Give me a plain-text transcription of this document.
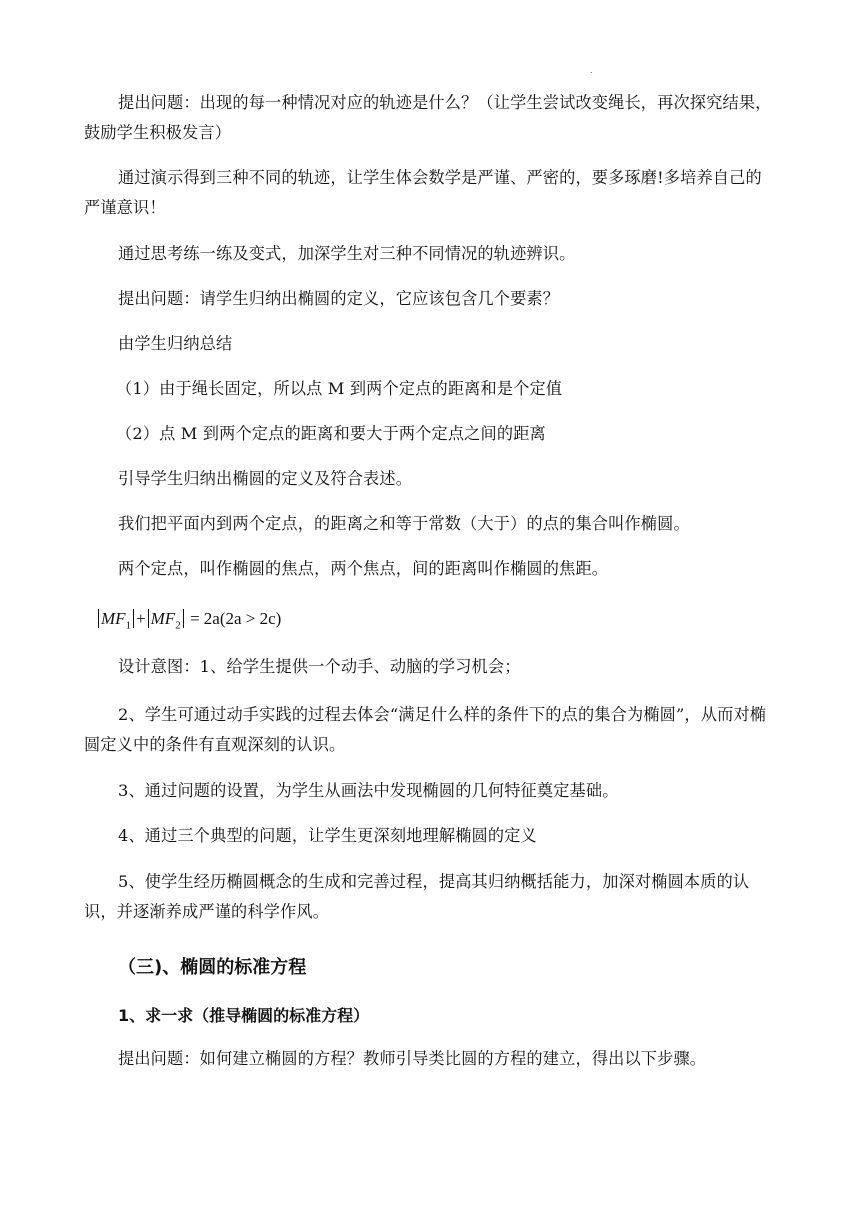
.

提出问题：出现的每一种情况对应的轨迹是什么？（让学生尝试改变绳长，再次探究结果，鼓励学生积极发言）

通过演示得到三种不同的轨迹，让学生体会数学是严谨、严密的，要多琢磨!多培养自己的严谨意识！

通过思考练一练及变式，加深学生对三种不同情况的轨迹辨识。

提出问题：请学生归纳出椭圆的定义，它应该包含几个要素？

由学生归纳总结

（1）由于绳长固定，所以点 M 到两个定点的距离和是个定值

（2）点 M 到两个定点的距离和要大于两个定点之间的距离

引导学生归纳出椭圆的定义及符合表述。

我们把平面内到两个定点，的距离之和等于常数（大于）的点的集合叫作椭圆。

两个定点，叫作椭圆的焦点，两个焦点，间的距离叫作椭圆的焦距。

$MF_1 + MF_2 = 2a(2a > 2c)$

设计意图：1、给学生提供一个动手、动脑的学习机会；

2、学生可通过动手实践的过程去体会“满足什么样的条件下的点的集合为椭圆”，从而对椭圆定义中的条件有直观深刻的认识。

3、通过问题的设置，为学生从画法中发现椭圆的几何特征奠定基础。

4、通过三个典型的问题，让学生更深刻地理解椭圆的定义

5、使学生经历椭圆概念的生成和完善过程，提高其归纳概括能力，加深对椭圆本质的认识，并逐渐养成严谨的科学作风。

（三)、椭圆的标准方程
1、求一求（推导椭圆的标准方程）

提出问题：如何建立椭圆的方程？教师引导类比圆的方程的建立，得出以下步骤。
